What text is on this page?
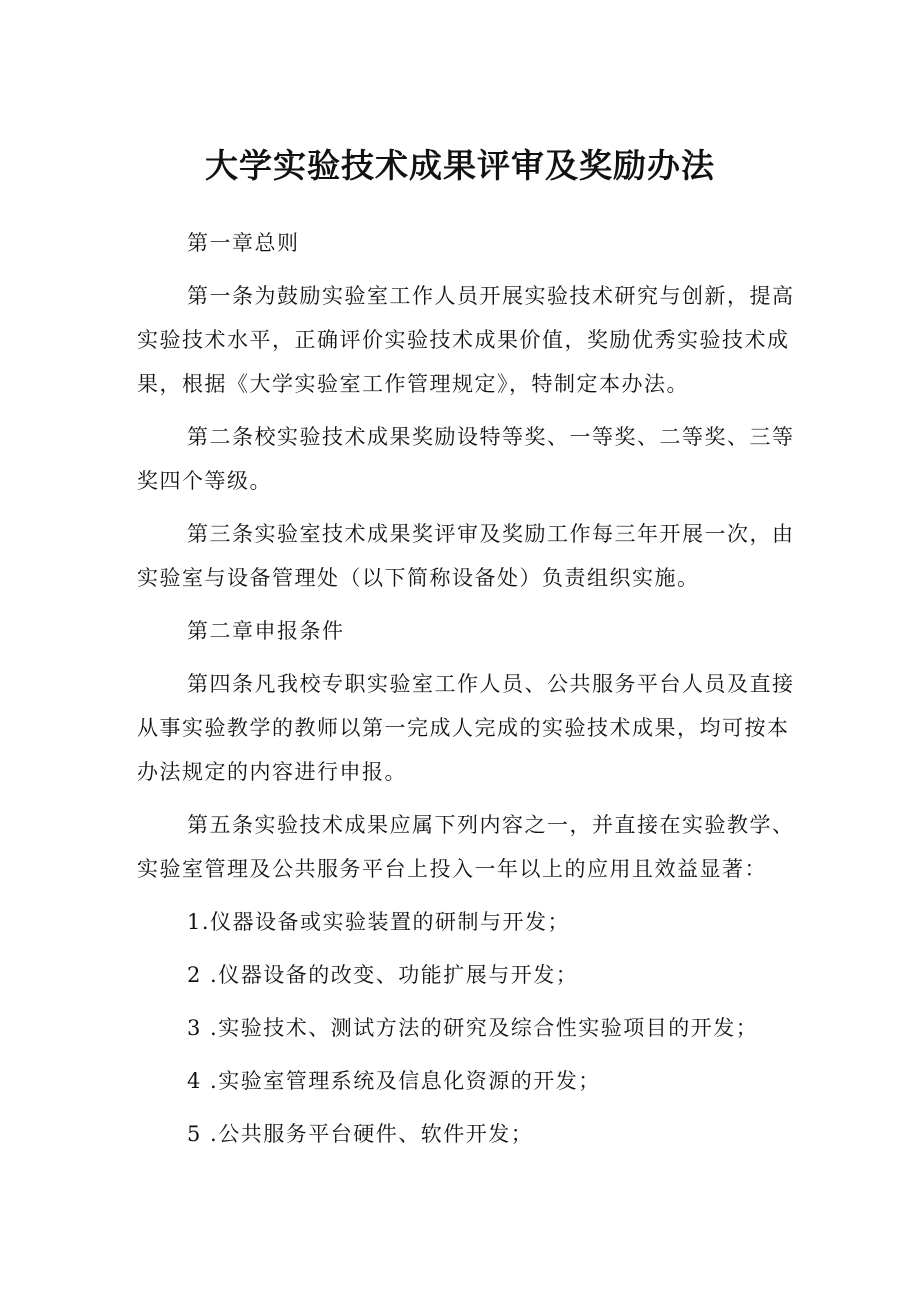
大学实验技术成果评审及奖励办法

第一章总则

第一条为鼓励实验室工作人员开展实验技术研究与创新，提高实验技术水平，正确评价实验技术成果价值，奖励优秀实验技术成果，根据《大学实验室工作管理规定》，特制定本办法。

第二条校实验技术成果奖励设特等奖、一等奖、二等奖、三等奖四个等级。

第三条实验室技术成果奖评审及奖励工作每三年开展一次，由实验室与设备管理处（以下简称设备处）负责组织实施。

第二章申报条件

第四条凡我校专职实验室工作人员、公共服务平台人员及直接从事实验教学的教师以第一完成人完成的实验技术成果，均可按本办法规定的内容进行申报。

第五条实验技术成果应属下列内容之一，并直接在实验教学、实验室管理及公共服务平台上投入一年以上的应用且效益显著：

1.仪器设备或实验装置的研制与开发；

2 .仪器设备的改变、功能扩展与开发；

3 .实验技术、测试方法的研究及综合性实验项目的开发；

4 .实验室管理系统及信息化资源的开发；

5 .公共服务平台硬件、软件开发；
